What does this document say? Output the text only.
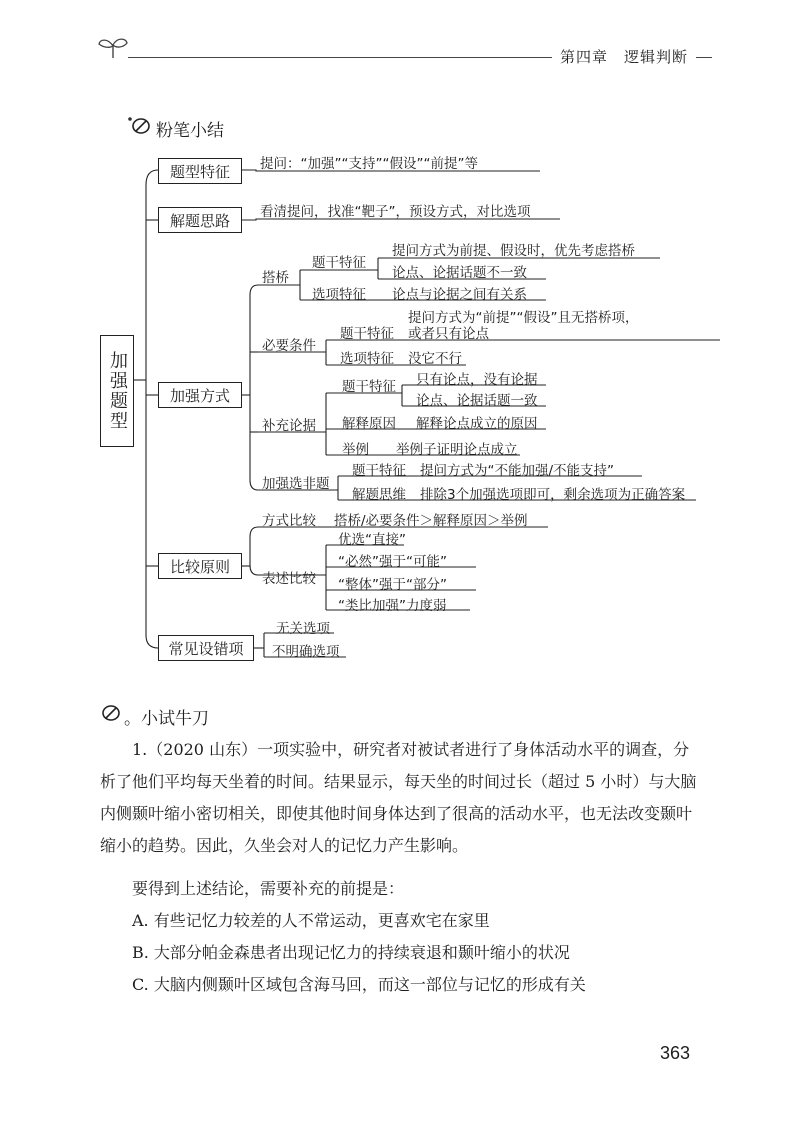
第四章　逻辑判断
粉笔小结
加强题型
题型特征
解题思路
加强方式
比较原则
常见设错项
提问：“加强”“支持”“假设”“前提”等
看清提问，找准“靶子”，预设方式，对比选项
搭桥
题干特征
提问方式为前提、假设时，优先考虑搭桥
论点、论据话题不一致
选项特征 论点与论据之间有关系
必要条件
提问方式为“前提”“假设”且无搭桥项，
题干特征 或者只有论点
选项特征 没它不行
补充论据
题干特征 只有论点，没有论据
论点、论据话题一致
解释原因 解释论点成立的原因
举例 举例子证明论点成立
加强选非题
题干特征 提问方式为“不能加强/不能支持”
解题思维 排除3个加强选项即可，剩余选项为正确答案
方式比较 搭桥/必要条件＞解释原因＞举例
表述比较
优选“直接”
“必然”强于“可能”
“整体”强于“部分”
“类比加强”力度弱
无关选项
不明确选项
。小试牛刀

1.（2020 山东）一项实验中，研究者对被试者进行了身体活动水平的调查，分

析了他们平均每天坐着的时间。结果显示，每天坐的时间过长（超过 5 小时）与大脑

内侧颞叶缩小密切相关，即使其他时间身体达到了很高的活动水平，也无法改变颞叶

缩小的趋势。因此，久坐会对人的记忆力产生影响。

要得到上述结论，需要补充的前提是：
A. 有些记忆力较差的人不常运动，更喜欢宅在家里
B. 大部分帕金森患者出现记忆力的持续衰退和颞叶缩小的状况
C. 大脑内侧颞叶区域包含海马回，而这一部位与记忆的形成有关
363
